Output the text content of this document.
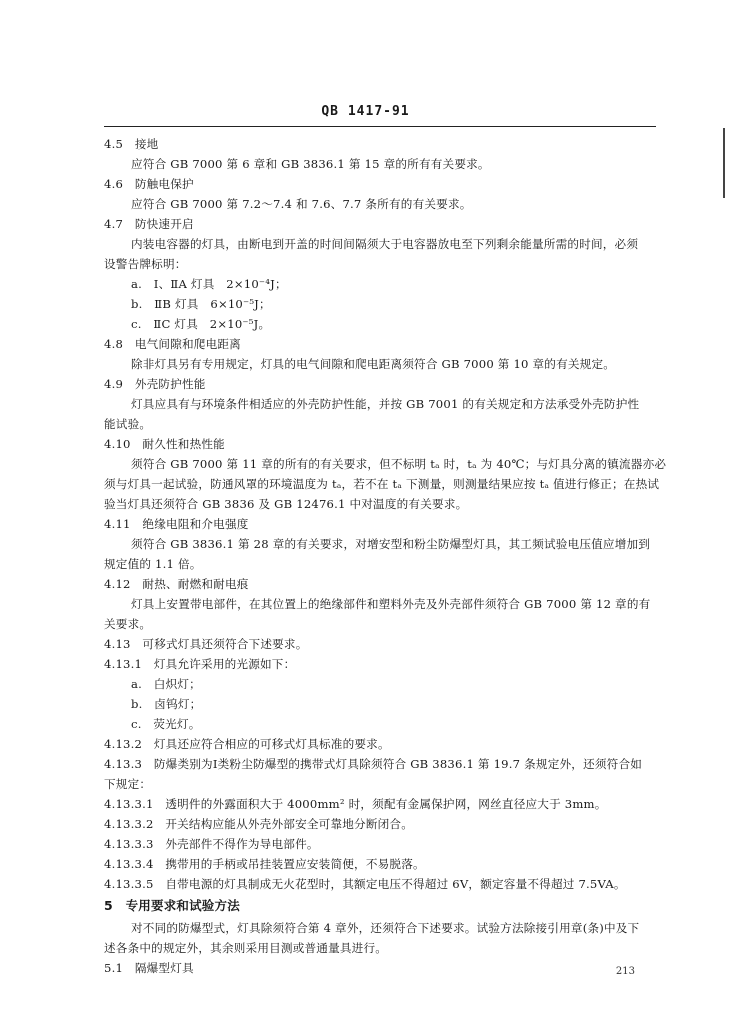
QB 1417-91
4.5　接地
应符合 GB 7000 第 6 章和 GB 3836.1 第 15 章的所有有关要求。
4.6　防触电保护
应符合 GB 7000 第 7.2～7.4 和 7.6、7.7 条所有的有关要求。
4.7　防快速开启
内装电容器的灯具，由断电到开盖的时间间隔须大于电容器放电至下列剩余能量所需的时间，必须
设警告牌标明：
a.　Ⅰ、ⅡA 灯具　2×10⁻⁴J；
b.　ⅡB 灯具　6×10⁻⁵J；
c.　ⅡC 灯具　2×10⁻⁵J。
4.8　电气间隙和爬电距离
除非灯具另有专用规定，灯具的电气间隙和爬电距离须符合 GB 7000 第 10 章的有关规定。
4.9　外壳防护性能
灯具应具有与环境条件相适应的外壳防护性能，并按 GB 7001 的有关规定和方法承受外壳防护性
能试验。
4.10　耐久性和热性能
须符合 GB 7000 第 11 章的所有的有关要求，但不标明 tₐ 时，tₐ 为 40℃；与灯具分离的镇流器亦必
须与灯具一起试验，防通风罩的环境温度为 tₐ，若不在 tₐ 下测量，则测量结果应按 tₐ 值进行修正；在热试
验当灯具还须符合 GB 3836 及 GB 12476.1 中对温度的有关要求。
4.11　绝缘电阻和介电强度
须符合 GB 3836.1 第 28 章的有关要求，对增安型和粉尘防爆型灯具，其工频试验电压值应增加到
规定值的 1.1 倍。
4.12　耐热、耐燃和耐电痕
灯具上安置带电部件，在其位置上的绝缘部件和塑料外壳及外壳部件须符合 GB 7000 第 12 章的有
关要求。
4.13　可移式灯具还须符合下述要求。
4.13.1　灯具允许采用的光源如下：
a.　白炽灯；
b.　卤钨灯；
c.　荧光灯。
4.13.2　灯具还应符合相应的可移式灯具标准的要求。
4.13.3　防爆类别为Ⅰ类粉尘防爆型的携带式灯具除须符合 GB 3836.1 第 19.7 条规定外，还须符合如
下规定：
4.13.3.1　透明件的外露面积大于 4000mm² 时，须配有金属保护网，网丝直径应大于 3mm。
4.13.3.2　开关结构应能从外壳外部安全可靠地分断闭合。
4.13.3.3　外壳部件不得作为导电部件。
4.13.3.4　携带用的手柄或吊挂装置应安装简便，不易脱落。
4.13.3.5　自带电源的灯具制成无火花型时，其额定电压不得超过 6V，额定容量不得超过 7.5VA。
5　专用要求和试验方法
对不同的防爆型式，灯具除须符合第 4 章外，还须符合下述要求。试验方法除接引用章(条)中及下
述各条中的规定外，其余则采用目测或普通量具进行。
5.1　隔爆型灯具	213
